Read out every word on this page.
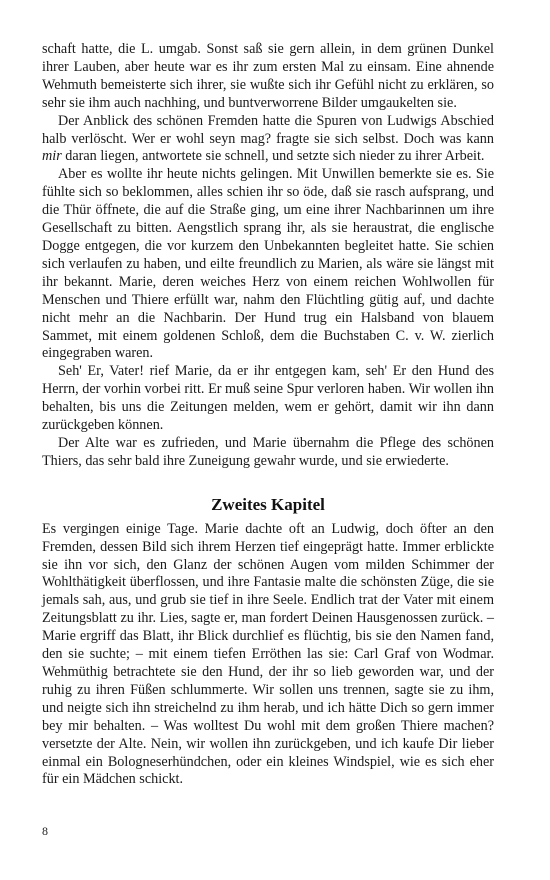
schaft hatte, die L. umgab. Sonst saß sie gern allein, in dem grünen Dunkel ihrer Lauben, aber heute war es ihr zum ersten Mal zu einsam. Eine ahnende Wehmuth bemeisterte sich ihrer, sie wußte sich ihr Gefühl nicht zu erklären, so sehr sie ihm auch nachhing, und buntverworrene Bilder umgaukelten sie.

Der Anblick des schönen Fremden hatte die Spuren von Ludwigs Abschied halb verlöscht. Wer er wohl seyn mag? fragte sie sich selbst. Doch was kann mir daran liegen, antwortete sie schnell, und setzte sich nieder zu ihrer Arbeit.

Aber es wollte ihr heute nichts gelingen. Mit Unwillen bemerkte sie es. Sie fühlte sich so beklommen, alles schien ihr so öde, daß sie rasch aufsprang, und die Thür öffnete, die auf die Straße ging, um eine ihrer Nachbarinnen um ihre Gesellschaft zu bitten. Aengstlich sprang ihr, als sie heraustrat, die englische Dogge entgegen, die vor kurzem den Unbekannten begleitet hatte. Sie schien sich verlaufen zu haben, und eilte freundlich zu Marien, als wäre sie längst mit ihr bekannt. Marie, deren weiches Herz von einem reichen Wohlwollen für Menschen und Thiere erfüllt war, nahm den Flüchtling gütig auf, und dachte nicht mehr an die Nachbarin. Der Hund trug ein Halsband von blauem Sammet, mit einem goldenen Schloß, dem die Buchstaben C. v. W. zierlich eingegraben waren.

Seh' Er, Vater! rief Marie, da er ihr entgegen kam, seh' Er den Hund des Herrn, der vorhin vorbei ritt. Er muß seine Spur verloren haben. Wir wollen ihn behalten, bis uns die Zeitungen melden, wem er gehört, damit wir ihn dann zurückgeben können.

Der Alte war es zufrieden, und Marie übernahm die Pflege des schönen Thiers, das sehr bald ihre Zuneigung gewahr wurde, und sie erwiederte.

Zweites Kapitel

Es vergingen einige Tage. Marie dachte oft an Ludwig, doch öfter an den Fremden, dessen Bild sich ihrem Herzen tief eingeprägt hatte. Immer erblickte sie ihn vor sich, den Glanz der schönen Augen vom milden Schimmer der Wohlthätigkeit überflossen, und ihre Fantasie malte die schönsten Züge, die sie jemals sah, aus, und grub sie tief in ihre Seele. Endlich trat der Vater mit einem Zeitungsblatt zu ihr. Lies, sagte er, man fordert Deinen Hausgenossen zurück. – Marie ergriff das Blatt, ihr Blick durchlief es flüchtig, bis sie den Namen fand, den sie suchte; – mit einem tiefen Erröthen las sie: Carl Graf von Wodmar. Wehmüthig betrachtete sie den Hund, der ihr so lieb geworden war, und der ruhig zu ihren Füßen schlummerte. Wir sollen uns trennen, sagte sie zu ihm, und neigte sich ihn streichelnd zu ihm herab, und ich hätte Dich so gern immer bey mir behalten. – Was wolltest Du wohl mit dem großen Thiere machen? versetzte der Alte. Nein, wir wollen ihn zurückgeben, und ich kaufe Dir lieber einmal ein Bologneserhündchen, oder ein kleines Windspiel, wie es sich eher für ein Mädchen schickt.

8
